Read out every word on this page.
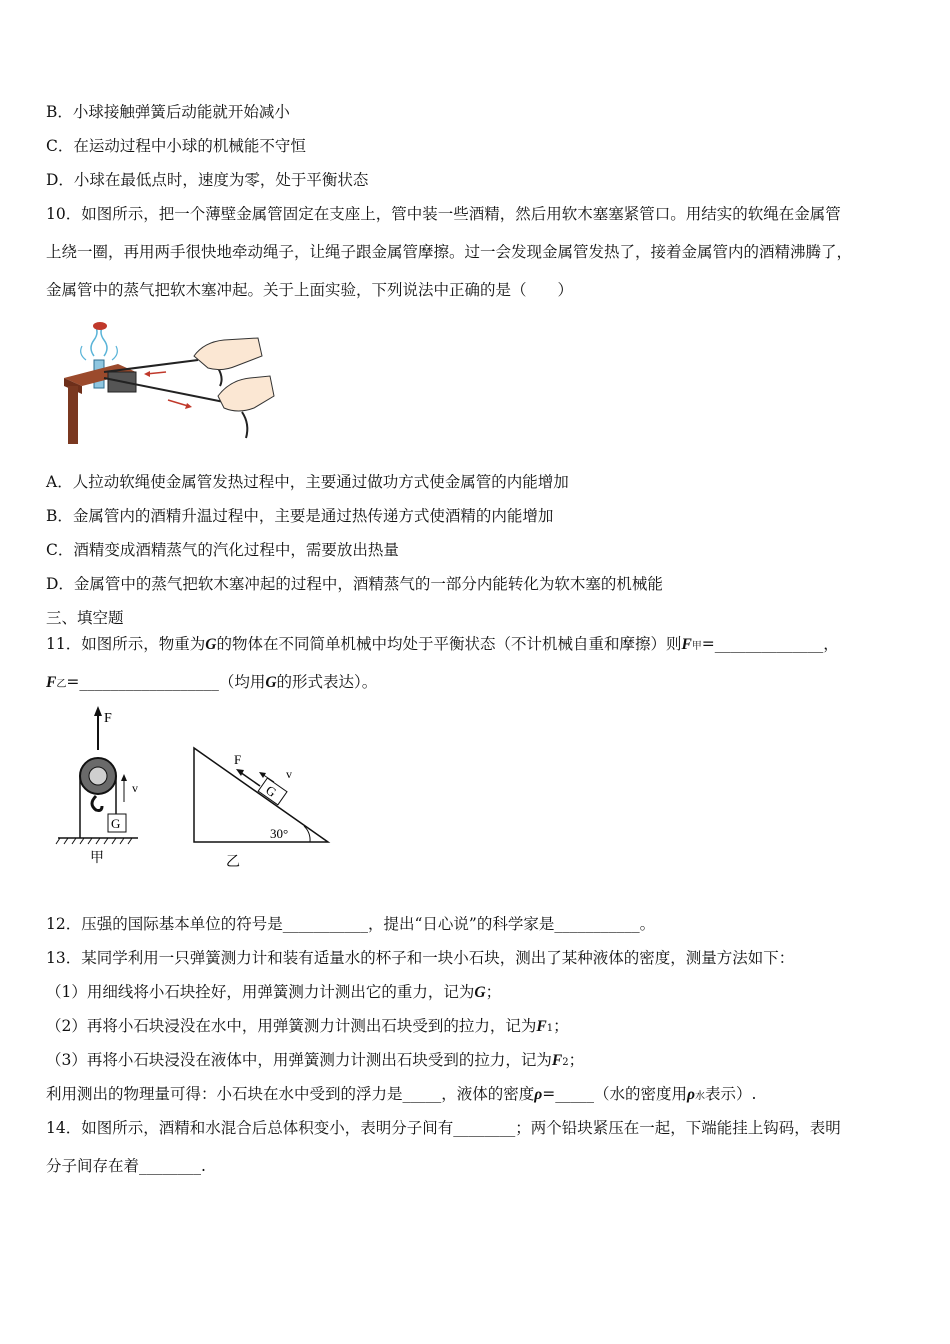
B．小球接触弹簧后动能就开始减小
C．在运动过程中小球的机械能不守恒
D．小球在最低点时，速度为零，处于平衡状态
10．如图所示，把一个薄壁金属管固定在支座上，管中装一些酒精，然后用软木塞塞紧管口。用结实的软绳在金属管
上绕一圈，再用两手很快地牵动绳子，让绳子跟金属管摩擦。过一会发现金属管发热了，接着金属管内的酒精沸腾了，
金属管中的蒸气把软木塞冲起。关于上面实验，下列说法中正确的是（　　）
A．人拉动软绳使金属管发热过程中，主要通过做功方式使金属管的内能增加
B．金属管内的酒精升温过程中，主要是通过热传递方式使酒精的内能增加
C．酒精变成酒精蒸气的汽化过程中，需要放出热量
D．金属管中的蒸气把软木塞冲起的过程中，酒精蒸气的一部分内能转化为软木塞的机械能
三、填空题
11．如图所示，物重为G的物体在不同简单机械中均处于平衡状态（不计机械自重和摩擦）则F甲=______________，
F乙=__________________（均用G的形式表达）。
F
G
v
甲
G
F
v
30°
乙
12．压强的国际基本单位的符号是___________，提出“日心说”的科学家是___________。
13．某同学利用一只弹簧测力计和装有适量水的杯子和一块小石块，测出了某种液体的密度，测量方法如下：
（1）用细线将小石块拴好，用弹簧测力计测出它的重力，记为G；
（2）再将小石块浸没在水中，用弹簧测力计测出石块受到的拉力，记为F1；
（3）再将小石块浸没在液体中，用弹簧测力计测出石块受到的拉力，记为F2；
利用测出的物理量可得：小石块在水中受到的浮力是_____，液体的密度ρ=_____（水的密度用ρ水表示）.
14．如图所示，酒精和水混合后总体积变小，表明分子间有________；两个铅块紧压在一起，下端能挂上钩码，表明
分子间存在着________.
